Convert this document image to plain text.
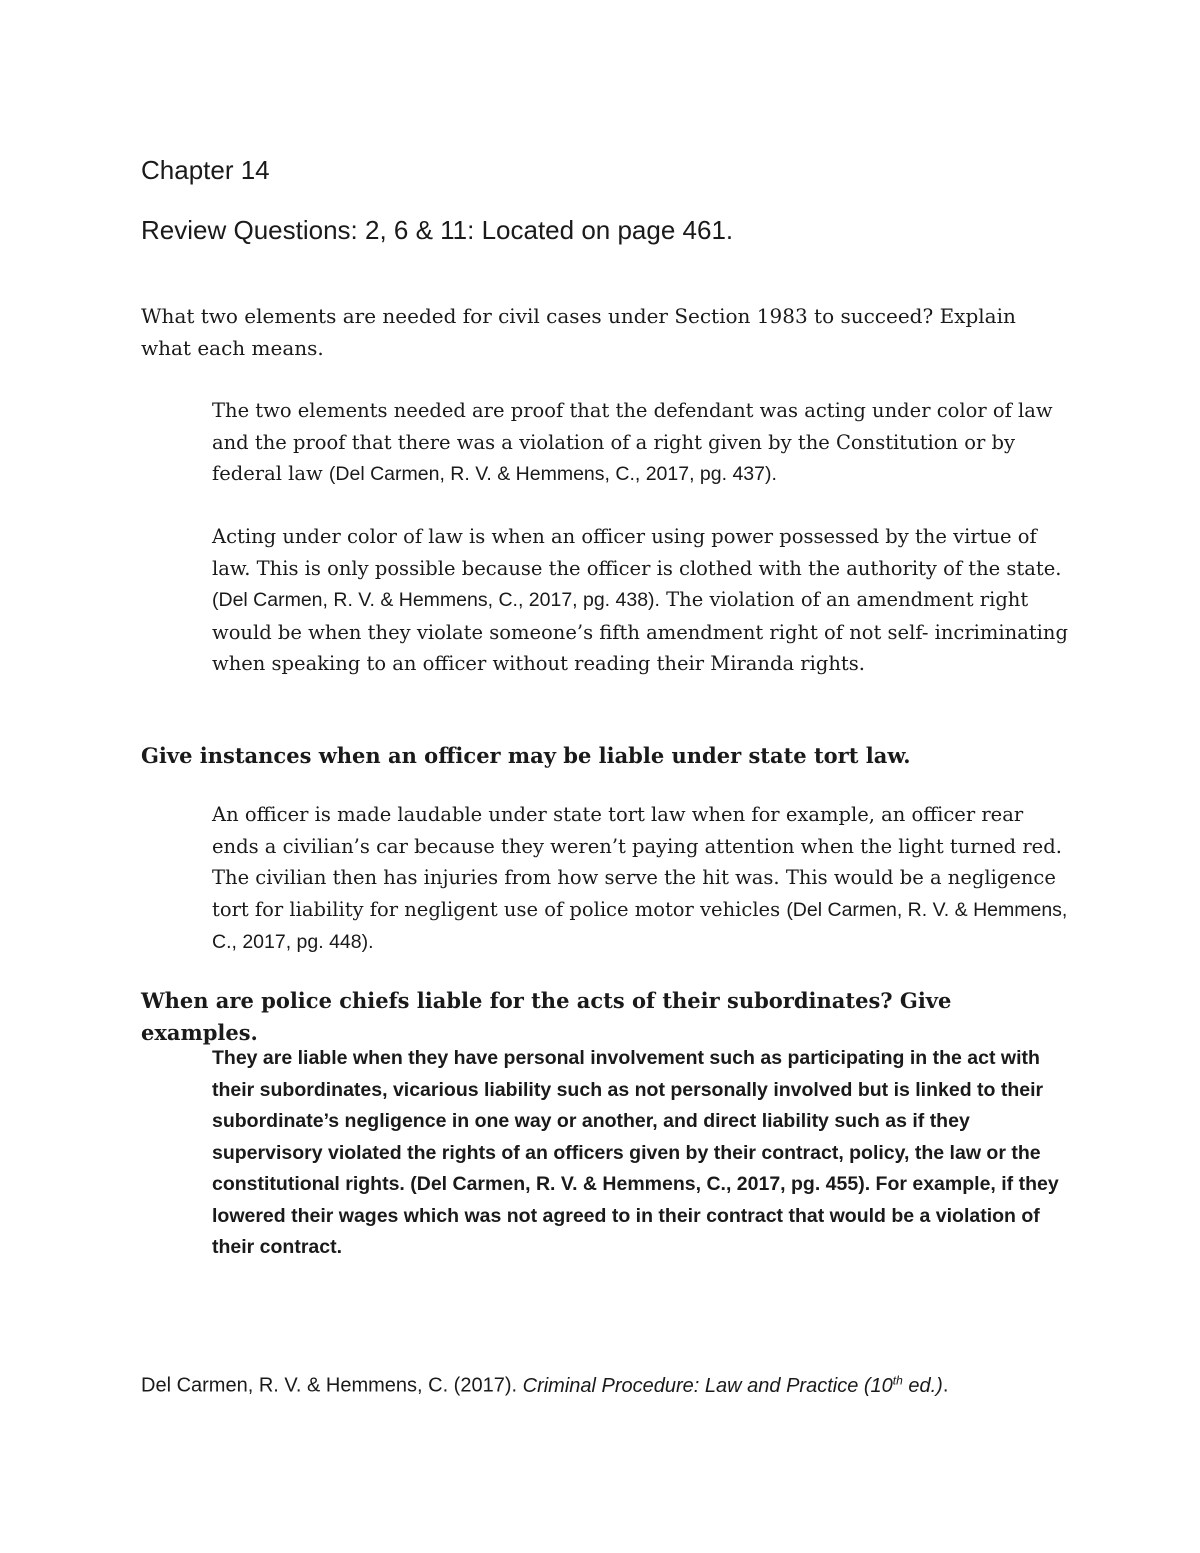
Chapter 14
Review Questions: 2, 6 & 11: Located on page 461.

What two elements are needed for civil cases under Section 1983 to succeed? Explain what each means.

The two elements needed are proof that the defendant was acting under color of law and the proof that there was a violation of a right given by the Constitution or by federal law (Del Carmen, R. V. & Hemmens, C., 2017, pg. 437).

Acting under color of law is when an officer using power possessed by the virtue of law. This is only possible because the officer is clothed with the authority of the state. (Del Carmen, R. V. & Hemmens, C., 2017, pg. 438). The violation of an amendment right would be when they violate someone’s fifth amendment right of not self- incriminating when speaking to an officer without reading their Miranda rights.

Give instances when an officer may be liable under state tort law.

An officer is made laudable under state tort law when for example, an officer rear ends a civilian’s car because they weren’t paying attention when the light turned red. The civilian then has injuries from how serve the hit was. This would be a negligence tort for liability for negligent use of police motor vehicles (Del Carmen, R. V. & Hemmens, C., 2017, pg. 448).

When are police chiefs liable for the acts of their subordinates? Give examples.

They are liable when they have personal involvement such as participating in the act with their subordinates, vicarious liability such as not personally involved but is linked to their subordinate’s negligence in one way or another, and direct liability such as if they supervisory violated the rights of an officers given by their contract, policy, the law or the constitutional rights. (Del Carmen, R. V. & Hemmens, C., 2017, pg. 455). For example, if they lowered their wages which was not agreed to in their contract that would be a violation of their contract.

Del Carmen, R. V. & Hemmens, C. (2017). Criminal Procedure: Law and Practice (10th ed.).
